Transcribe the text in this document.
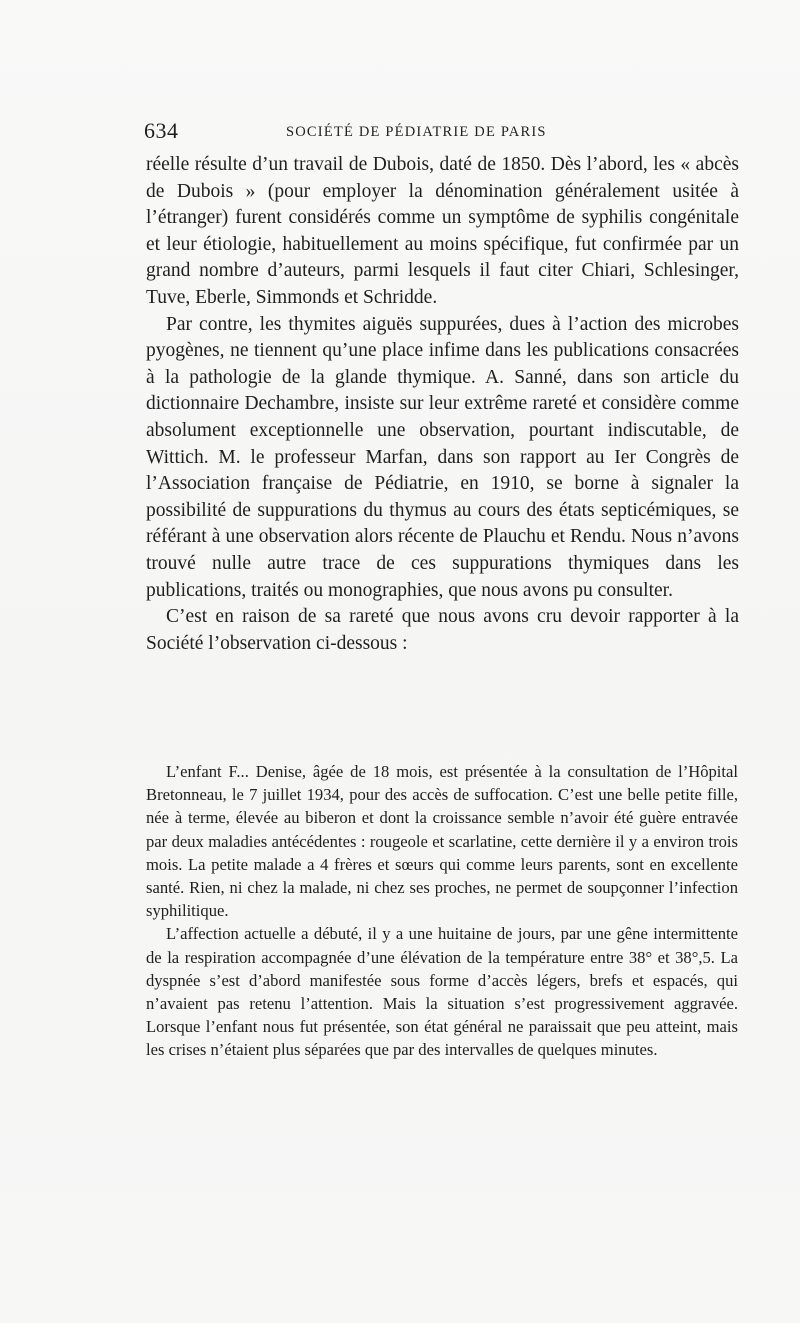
634	SOCIÉTÉ DE PÉDIATRIE DE PARIS

réelle résulte d’un travail de Dubois, daté de 1850. Dès l’abord, les « abcès de Dubois » (pour employer la dénomination généralement usitée à l’étranger) furent considérés comme un symptôme de syphilis congénitale et leur étiologie, habituellement au moins spécifique, fut confirmée par un grand nombre d’auteurs, parmi lesquels il faut citer Chiari, Schlesinger, Tuve, Eberle, Simmonds et Schridde.

Par contre, les thymites aiguës suppurées, dues à l’action des microbes pyogènes, ne tiennent qu’une place infime dans les publications consacrées à la pathologie de la glande thymique. A. Sanné, dans son article du dictionnaire Dechambre, insiste sur leur extrême rareté et considère comme absolument exceptionnelle une observation, pourtant indiscutable, de Wittich. M. le professeur Marfan, dans son rapport au Ier Congrès de l’Association française de Pédiatrie, en 1910, se borne à signaler la possibilité de suppurations du thymus au cours des états septicémiques, se référant à une observation alors récente de Plauchu et Rendu. Nous n’avons trouvé nulle autre trace de ces suppurations thymiques dans les publications, traités ou monographies, que nous avons pu consulter.

C’est en raison de sa rareté que nous avons cru devoir rapporter à la Société l’observation ci-dessous :

L’enfant F... Denise, âgée de 18 mois, est présentée à la consultation de l’Hôpital Bretonneau, le 7 juillet 1934, pour des accès de suffocation. C’est une belle petite fille, née à terme, élevée au biberon et dont la croissance semble n’avoir été guère entravée par deux maladies antécédentes : rougeole et scarlatine, cette dernière il y a environ trois mois. La petite malade a 4 frères et sœurs qui comme leurs parents, sont en excellente santé. Rien, ni chez la malade, ni chez ses proches, ne permet de soupçonner l’infection syphilitique.

L’affection actuelle a débuté, il y a une huitaine de jours, par une gêne intermittente de la respiration accompagnée d’une élévation de la température entre 38° et 38°,5. La dyspnée s’est d’abord manifestée sous forme d’accès légers, brefs et espacés, qui n’avaient pas retenu l’attention. Mais la situation s’est progressivement aggravée. Lorsque l’enfant nous fut présentée, son état général ne paraissait que peu atteint, mais les crises n’étaient plus séparées que par des intervalles de quelques minutes.
